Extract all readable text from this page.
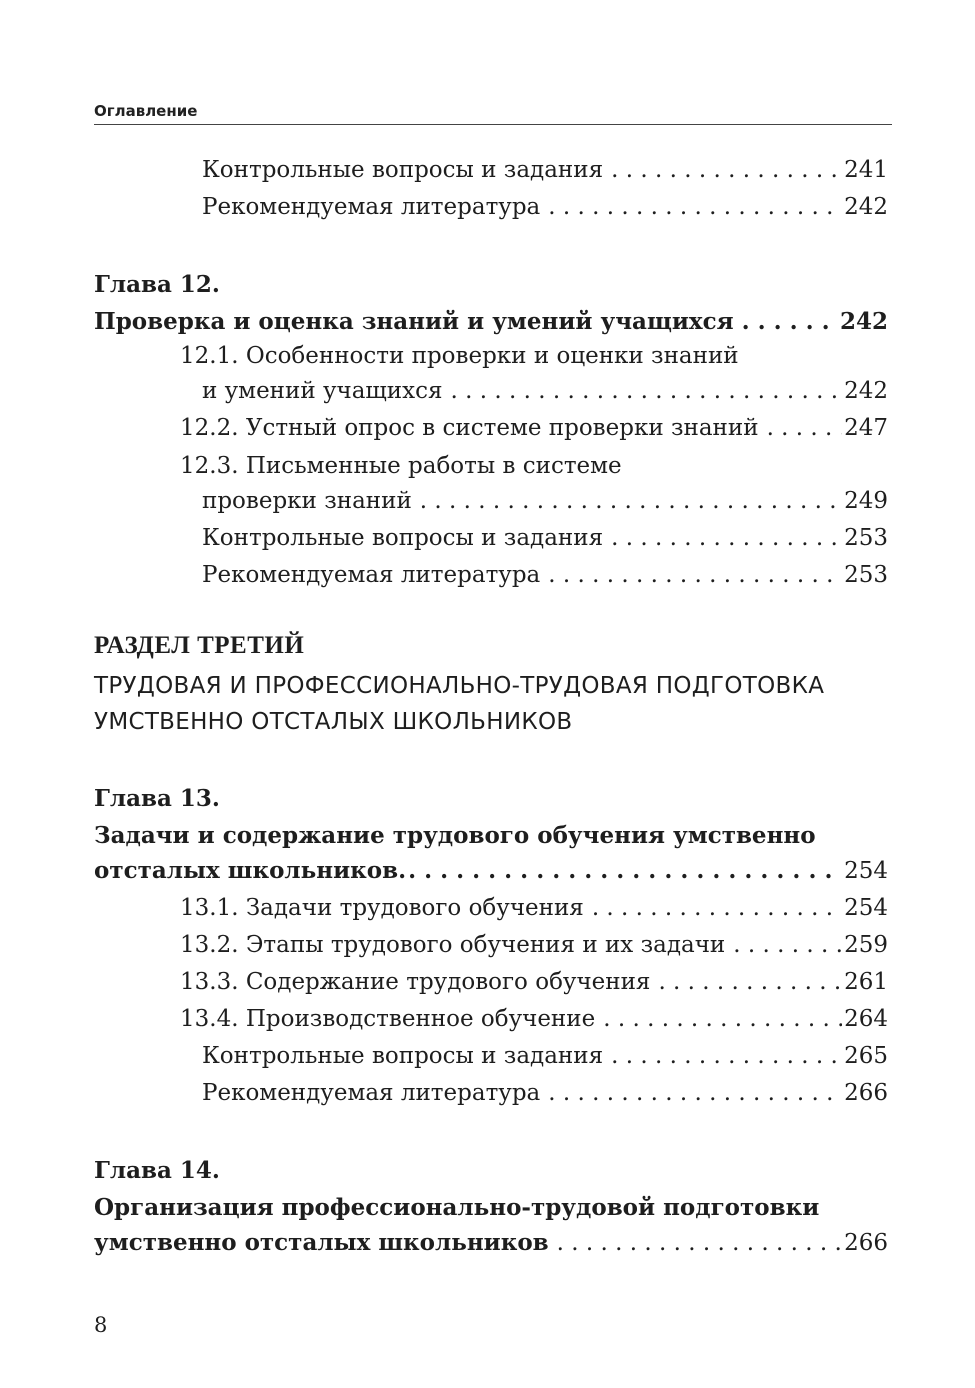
Оглавление
Контрольные вопросы и задания . . .	241
Рекомендуемая литература . . .	242
Глава 12.
Проверка и оценка знаний и умений учащихся . . .	242
12.1. Особенности проверки и оценки знаний
и умений учащихся . . .	242
12.2. Устный опрос в системе проверки знаний . . .	247
12.3. Письменные работы в системе
проверки знаний . . .	249
Контрольные вопросы и задания . . .	253
Рекомендуемая литература . . .	253
РАЗДЕЛ ТРЕТИЙ
ТРУДОВАЯ И ПРОФЕССИОНАЛЬНО-ТРУДОВАЯ ПОДГОТОВКА
УМСТВЕННО ОТСТАЛЫХ ШКОЛЬНИКОВ
Глава 13.
Задачи и содержание трудового обучения умственно
отсталых школьников. . . .	254
13.1. Задачи трудового обучения . . .	254
13.2. Этапы трудового обучения и их задачи . . .	259
13.3. Содержание трудового обучения . . .	261
13.4. Производственное обучение . . .	264
Контрольные вопросы и задания . . .	265
Рекомендуемая литература . . .	266
Глава 14.
Организация профессионально-трудовой подготовки
умственно отсталых школьников . . .	266
8
